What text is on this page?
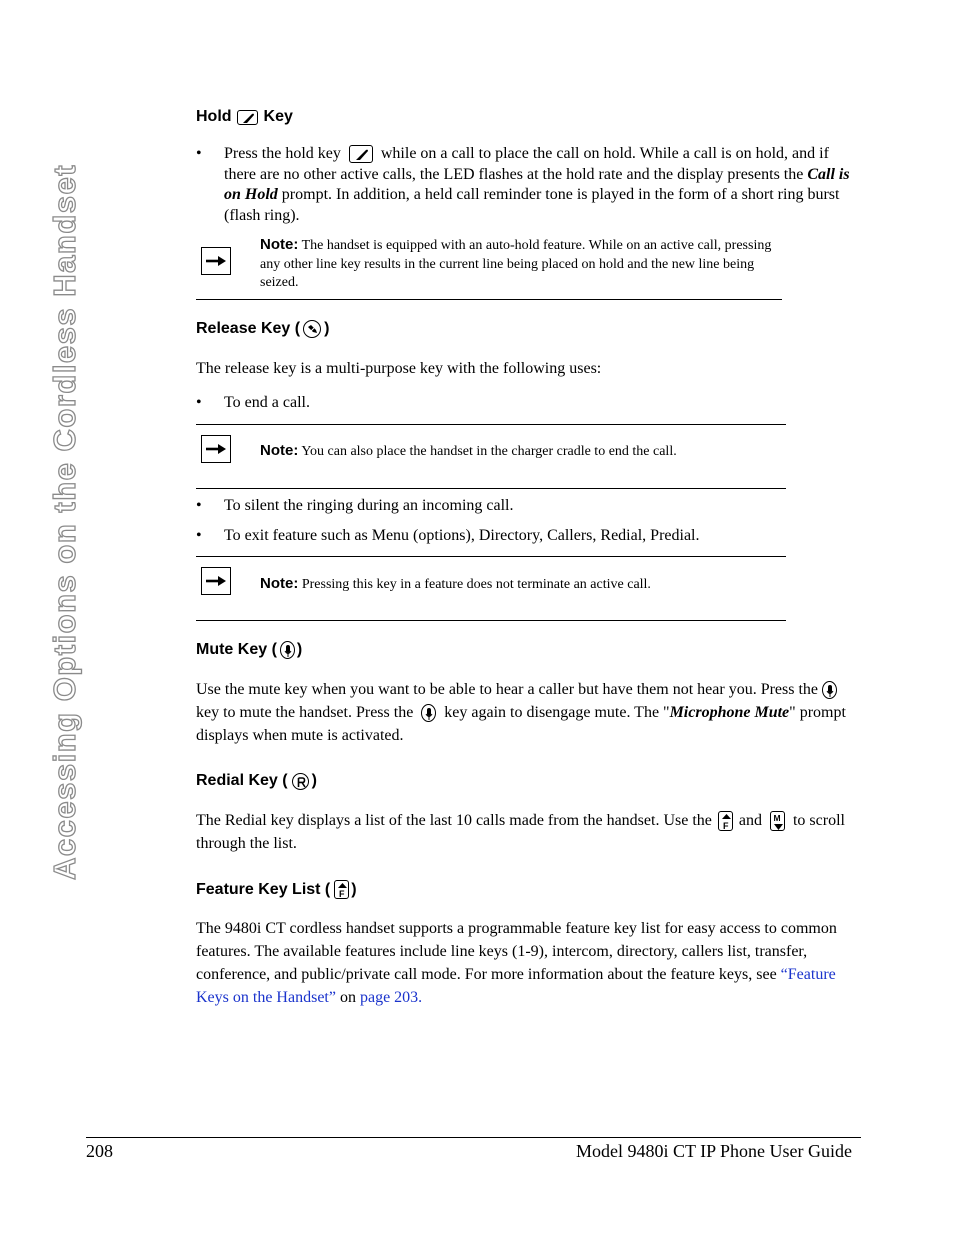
Accessing Options on the Cordless Handset
Hold Key
• Press the hold key	while on a call to place the call on hold. While a call is on hold, and if there are no other active calls, the LED flashes at the hold rate and the display presents the Call is on Hold prompt. In addition, a held call reminder tone is played in the form of a short ring burst (flash ring).
Note: The handset is equipped with an auto-hold feature. While on an active call, pressing any other line key results in the current line being placed on hold and the new line being seized.
Release Key ( )
The release key is a multi-purpose key with the following uses:
• To end a call.
Note: You can also place the handset in the charger cradle to end the call.
• To silent the ringing during an incoming call.
• To exit feature such as Menu (options), Directory, Callers, Redial, Predial.
Note: Pressing this key in a feature does not terminate an active call.
Mute Key ( )
Use the mute key when you want to be able to hear a caller but have them not hear you. Press the
key to mute the handset. Press the key again to disengage mute. The "Microphone Mute" prompt displays when mute is activated.
Redial Key ( )
The Redial key displays a list of the last 10 calls made from the handset. Use the F and M to scroll through the list.
Feature Key List ( F )
The 9480i CT cordless handset supports a programmable feature key list for easy access to common features. The available features include line keys (1-9), intercom, directory, callers list, transfer, conference, and public/private call mode. For more information about the feature keys, see “Feature Keys on the Handset” on page 203.
208	Model 9480i CT IP Phone User Guide
